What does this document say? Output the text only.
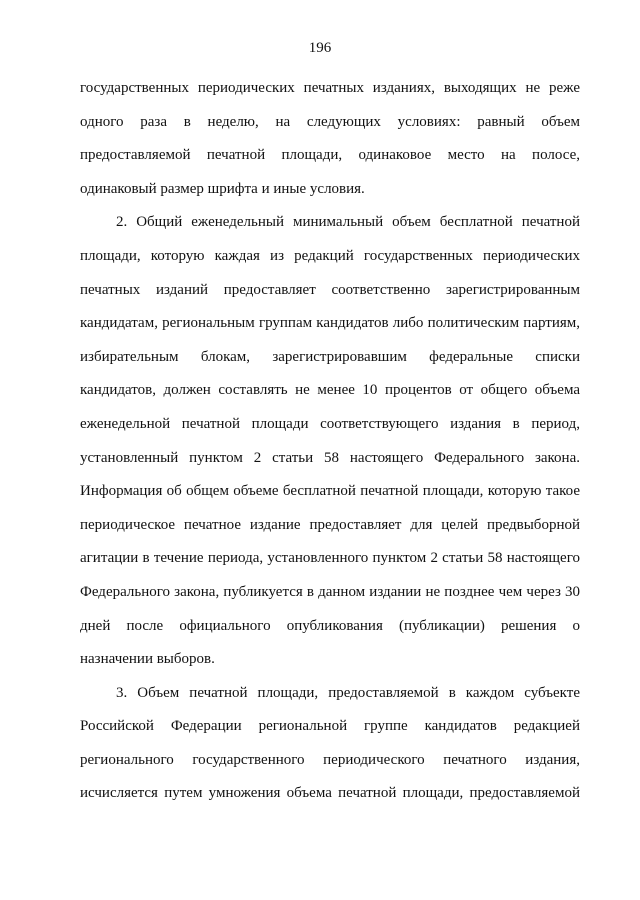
196

государственных периодических печатных изданиях, выходящих не реже
одного раза в неделю, на следующих условиях: равный объем
предоставляемой печатной площади, одинаковое место на полосе,
одинаковый размер шрифта и иные условия.

2. Общий еженедельный минимальный объем бесплатной печатной
площади, которую каждая из редакций государственных периодических
печатных изданий предоставляет соответственно зарегистрированным
кандидатам, региональным группам кандидатов либо политическим партиям,
избирательным блокам, зарегистрировавшим федеральные списки
кандидатов, должен составлять не менее 10 процентов от общего объема
еженедельной печатной площади соответствующего издания в период,
установленный пунктом 2 статьи 58 настоящего Федерального закона.
Информация об общем объеме бесплатной печатной площади, которую такое
периодическое печатное издание предоставляет для целей предвыборной
агитации в течение периода, установленного пунктом 2 статьи 58 настоящего
Федерального закона, публикуется в данном издании не позднее чем через 30
дней после официального опубликования (публикации) решения о
назначении выборов.

3. Объем печатной площади, предоставляемой в каждом субъекте
Российской Федерации региональной группе кандидатов редакцией
регионального государственного периодического печатного издания,
исчисляется путем умножения объема печатной площади, предоставляемой
